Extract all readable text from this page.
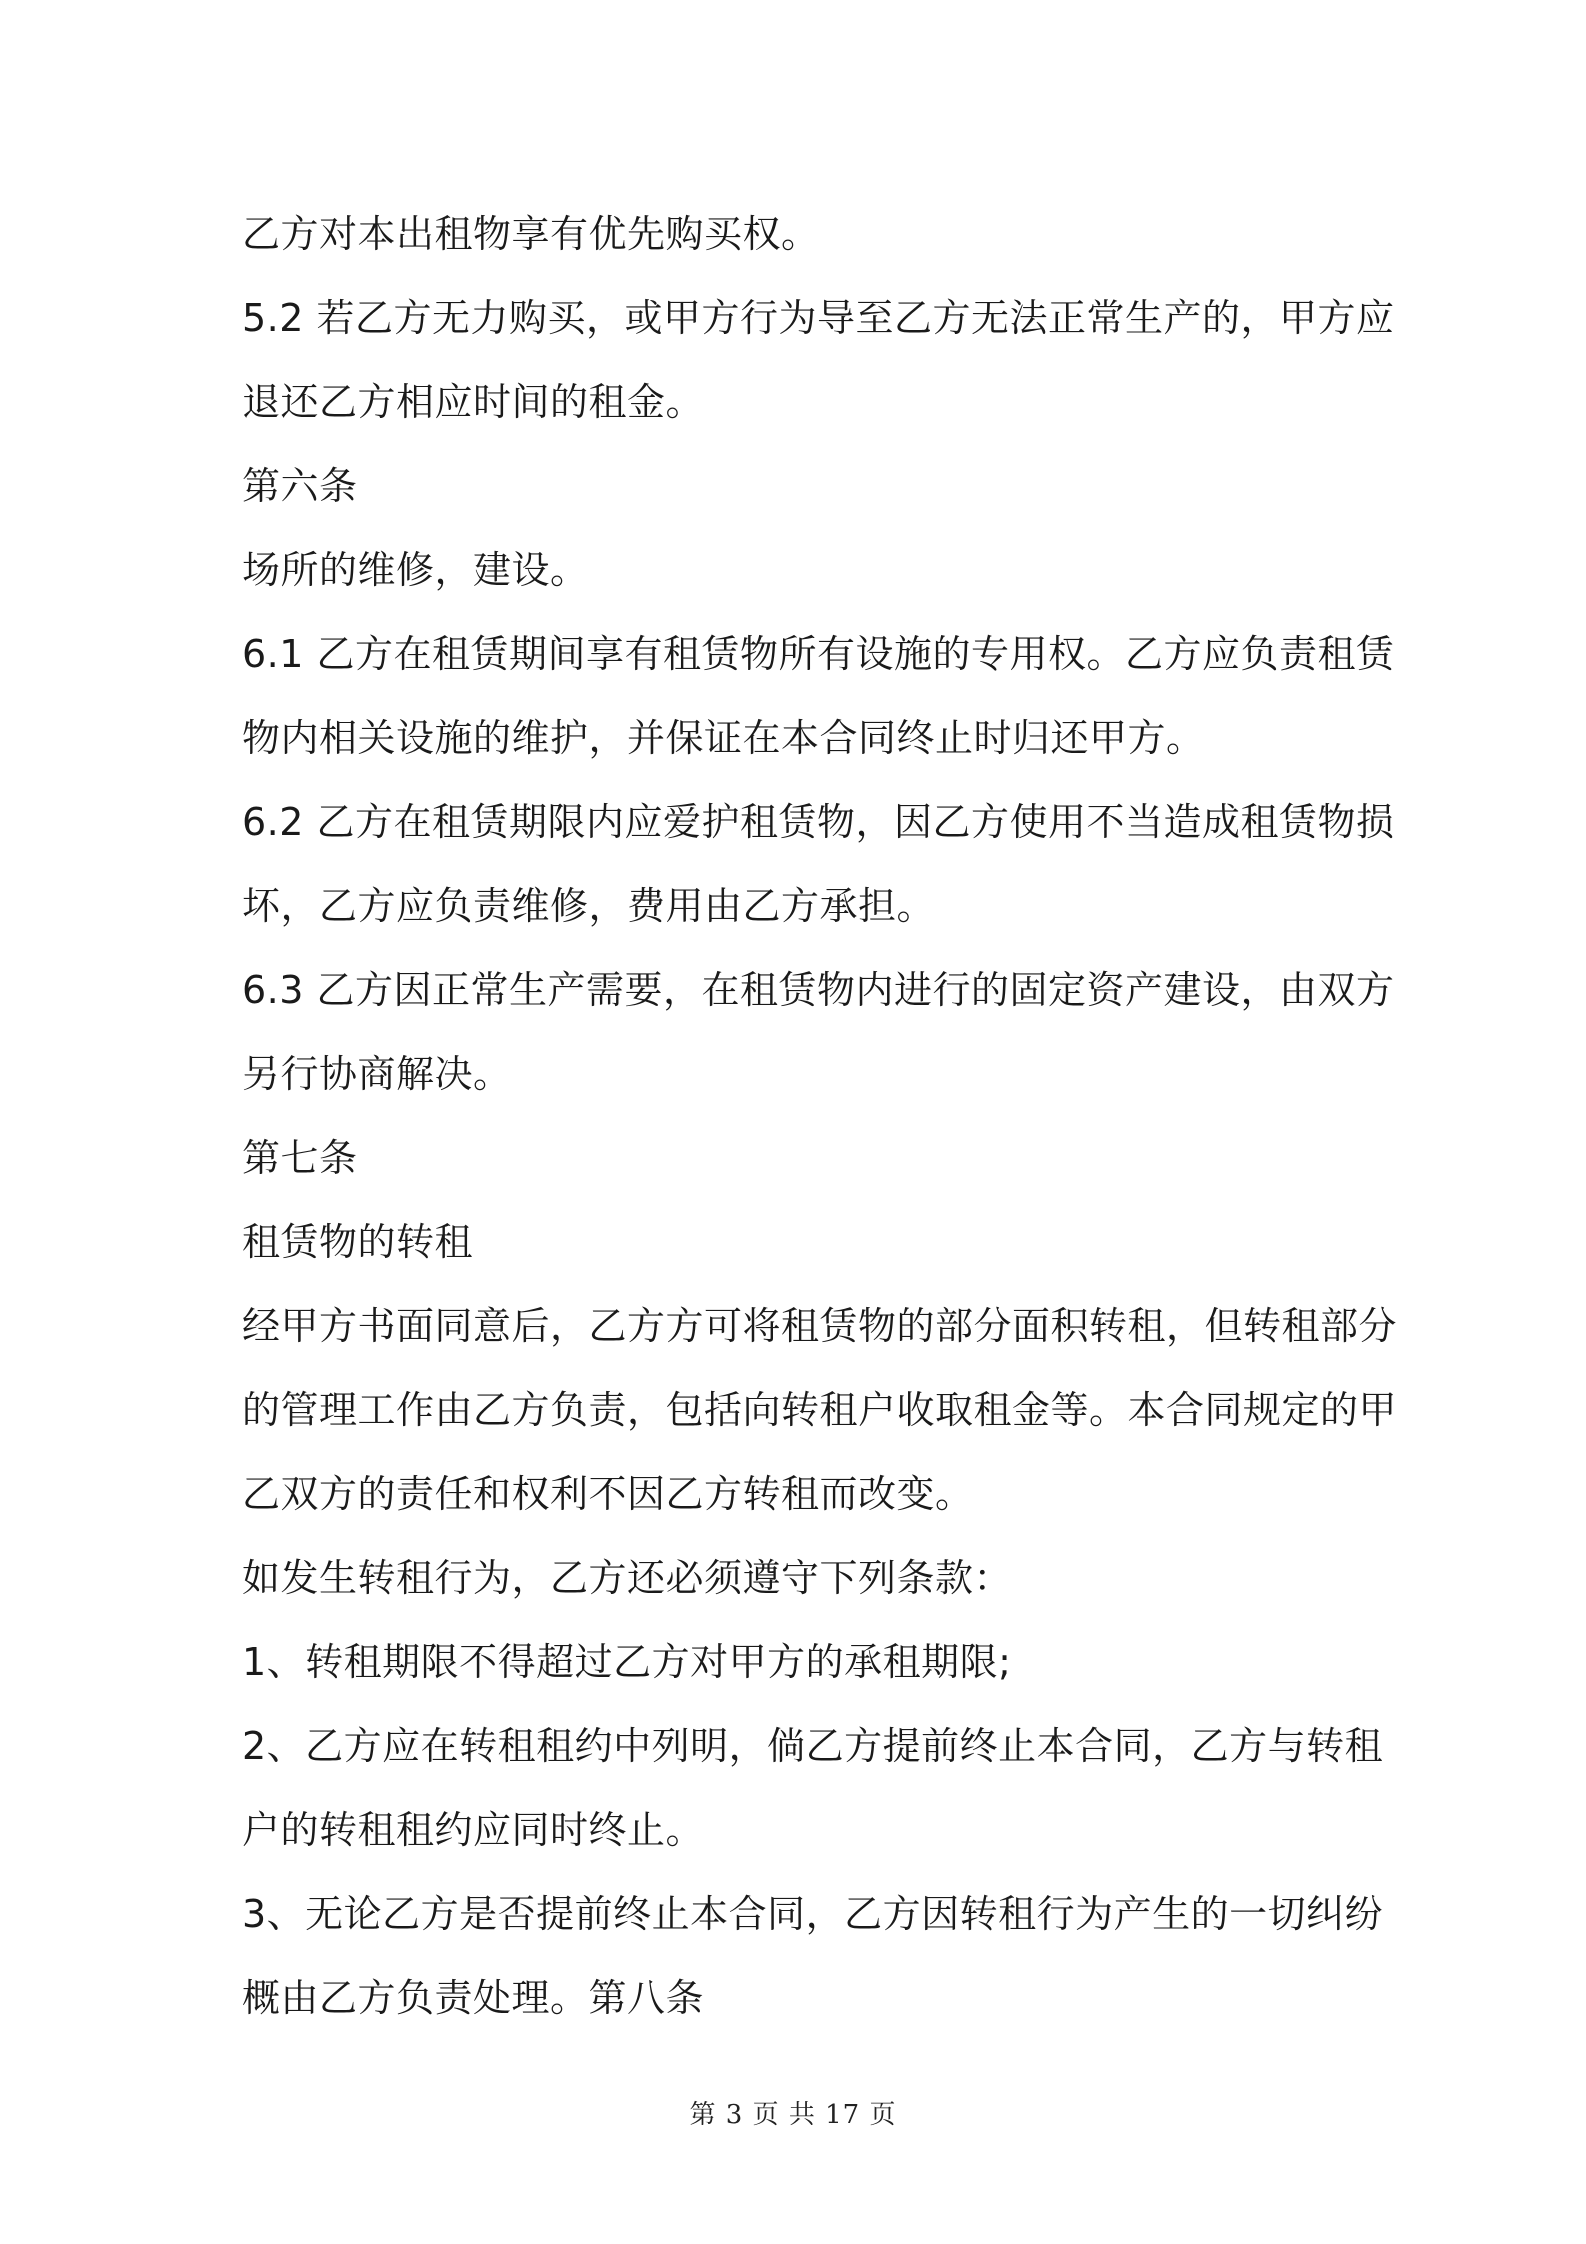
乙方对本出租物享有优先购买权。

5.2 若乙方无力购买，或甲方行为导至乙方无法正常生产的，甲方应

退还乙方相应时间的租金。

第六条

场所的维修，建设。

6.1 乙方在租赁期间享有租赁物所有设施的专用权。乙方应负责租赁

物内相关设施的维护，并保证在本合同终止时归还甲方。

6.2 乙方在租赁期限内应爱护租赁物，因乙方使用不当造成租赁物损

坏，乙方应负责维修，费用由乙方承担。

6.3 乙方因正常生产需要，在租赁物内进行的固定资产建设，由双方

另行协商解决。

第七条

租赁物的转租

经甲方书面同意后，乙方方可将租赁物的部分面积转租，但转租部分

的管理工作由乙方负责，包括向转租户收取租金等。本合同规定的甲

乙双方的责任和权利不因乙方转租而改变。

如发生转租行为，乙方还必须遵守下列条款：

1、转租期限不得超过乙方对甲方的承租期限;

2、乙方应在转租租约中列明，倘乙方提前终止本合同，乙方与转租

户的转租租约应同时终止。

3、无论乙方是否提前终止本合同，乙方因转租行为产生的一切纠纷

概由乙方负责处理。第八条

第 3 页 共 17 页
